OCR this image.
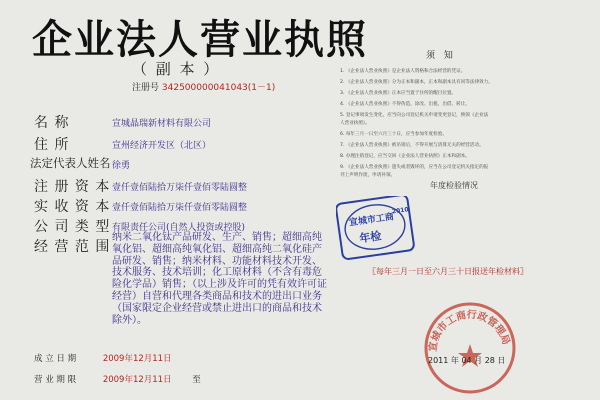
企业法人营业执照
（ 副 本 ）
注册号 342500000041043(1－1)
名 称	宣城晶瑞新材料有限公司
住 所	宣州经济开发区（北区）
法定代表人姓名 徐勇
注 册 资 本 壹仟壹佰陆拾万柒仟壹佰零陆圆整
实 收 资 本 壹仟壹佰陆拾万柒仟壹佰零陆圆整
公 司 类 型 有限责任公司(自然人投资或控股)
经 营 范 围
纳米二氧化钛产品研发、生产、销售；超细高纯氧化铝、超细高纯氧化铝、超细高纯二氧化硅产品研发、销售；纳米材料、功能材料技术开发、技术服务、技术培训；化工原材料（不含有毒危险化学品）销售；（以上涉及许可的凭有效许可证经营）自营和代理各类商品和技术的进出口业务（国家限定企业经营或禁止进出口的商品和技术除外）。
成 立 日 期	2009年12月11日
营 业 期 限	2009年12月11日 至
须 知
1. 《企业法人营业执照》是企业法人资格和合法经营的凭证。
2. 《企业法人营业执照》分为正本和副本，正本和副本具有同等法律效力。
3. 《企业法人营业执照》正本应当置于住所的醒目位置。
4. 《企业法人营业执照》不得伪造、涂改、出租、出借、转让。
5. 登记事项发生变化，应当向公司登记机关申请变更登记，换领《企业法
人营业执照》。
6. 每年三月一日至六月三十日，应当参加年度检验。
7. 《企业法人营业执照》被吊销后，不得开展与清算无关的经营活动。
8. 办理注销登记，应当交回《企业法人营业执照》正本和副本。
9. 《企业法人营业执照》遗失或者毁坏的，应当在公司登记机关指定的报
刊上声明作废，申请补领。
年度检验情况
宣城市工商
年检
2010
〖每年三月一日至六月三十日报送年检材料〗
宣城市工商行政管理局
2011 年 04 月 28 日
